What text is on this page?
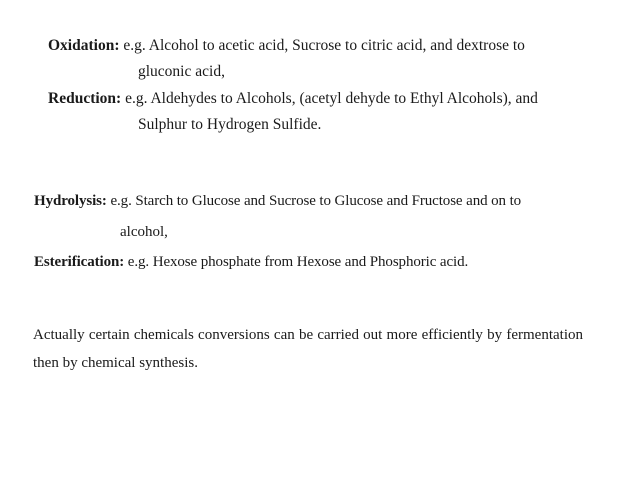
Oxidation: e.g. Alcohol to acetic acid, Sucrose to citric acid, and dextrose to

gluconic acid,

Reduction: e.g. Aldehydes to Alcohols, (acetyl dehyde to Ethyl Alcohols), and

Sulphur to Hydrogen Sulfide.

Hydrolysis: e.g. Starch to Glucose and Sucrose to Glucose and Fructose and on to

alcohol,

Esterification: e.g. Hexose phosphate from Hexose and Phosphoric acid.

Actually certain chemicals conversions can be carried out more efficiently by fermentation then by chemical synthesis.
